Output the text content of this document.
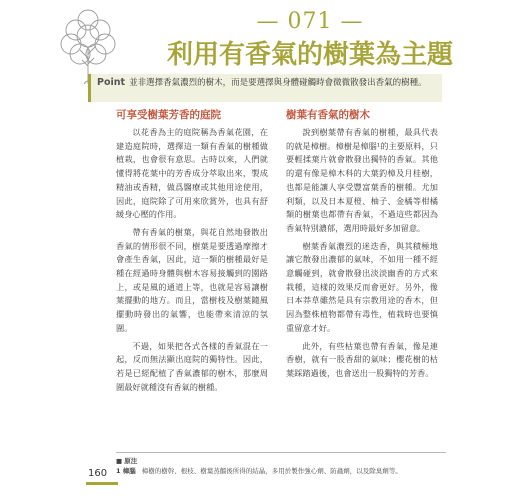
— 071 —
利用有香氣的樹葉為主題
Point 並非選擇香氣濃烈的樹木，而是要選擇與身體碰觸時會微微散發出香氣的樹種。
可享受樹葉芳香的庭院

以花香為主的庭院稱為香氣花園，在建造庭院時，選擇這一類有香氣的樹種做植栽，也會很有意思。古時以來，人們就懂得將花葉中的芳香成分萃取出來，製成精油或香精，做爲醫療或其他用途使用，因此，庭院除了可用來欣賞外，也具有舒緩身心壓的作用。

帶有香氣的樹葉，與花自然地發散出香氣的情形很不同，樹葉是要透過摩擦才會產生香氣，因此，這一類的樹種最好是種在經過時身體與樹木容易接觸到的園路上，或是風的通道上等，也就是容易讓樹葉擺動的地方。而且，當樹枝及樹葉隨風擺動時發出的氣響，也能帶來清涼的氛圍。

不過，如果把各式各樣的香氣混在一起，反而無法顯出庭院的獨特性。因此，若是已經配植了香氣濃郁的樹木，那麼周圍最好就種沒有香氣的樹種。

樹葉有香氣的樹木

說到樹葉帶有香氣的樹種，最具代表的就是樟樹。樟樹是樟腦¹的主要原料，只要輕揉葉片就會散發出獨特的香氣。其他的還有像是樟木科的大葉釣樟及月桂樹，也都是能讓人享受豐富葉香的樹種。尤加利類，以及日本夏橙、柚子、金橘等柑橘類的樹葉也都帶有香氣，不過這些都因為香氣特別濃郁，選用時最好多加留意。

樹葉香氣濃烈的迷迭香，與其積極地讓它散發出濃郁的氣味，不如用一種不經意觸碰到，就會散發出淡淡幽香的方式來栽種，這樣的效果反而會更好。另外，像日本莽草雖然是具有宗教用途的香木，但因為整株植物都帶有毒性，植栽時也要慎重留意才好。

此外，有些枯葉也帶有香氣，像是連香樹，就有一股香甜的氣味；櫻花樹的枯葉踩踏過後，也會送出一股獨特的芳香。

■ 原注
1 樟腦 樟樹的樹幹、根枝、樹葉蒸餾後所得的結晶，多用於製作強心劑、防蟲劑，以及除臭劑等。
160
